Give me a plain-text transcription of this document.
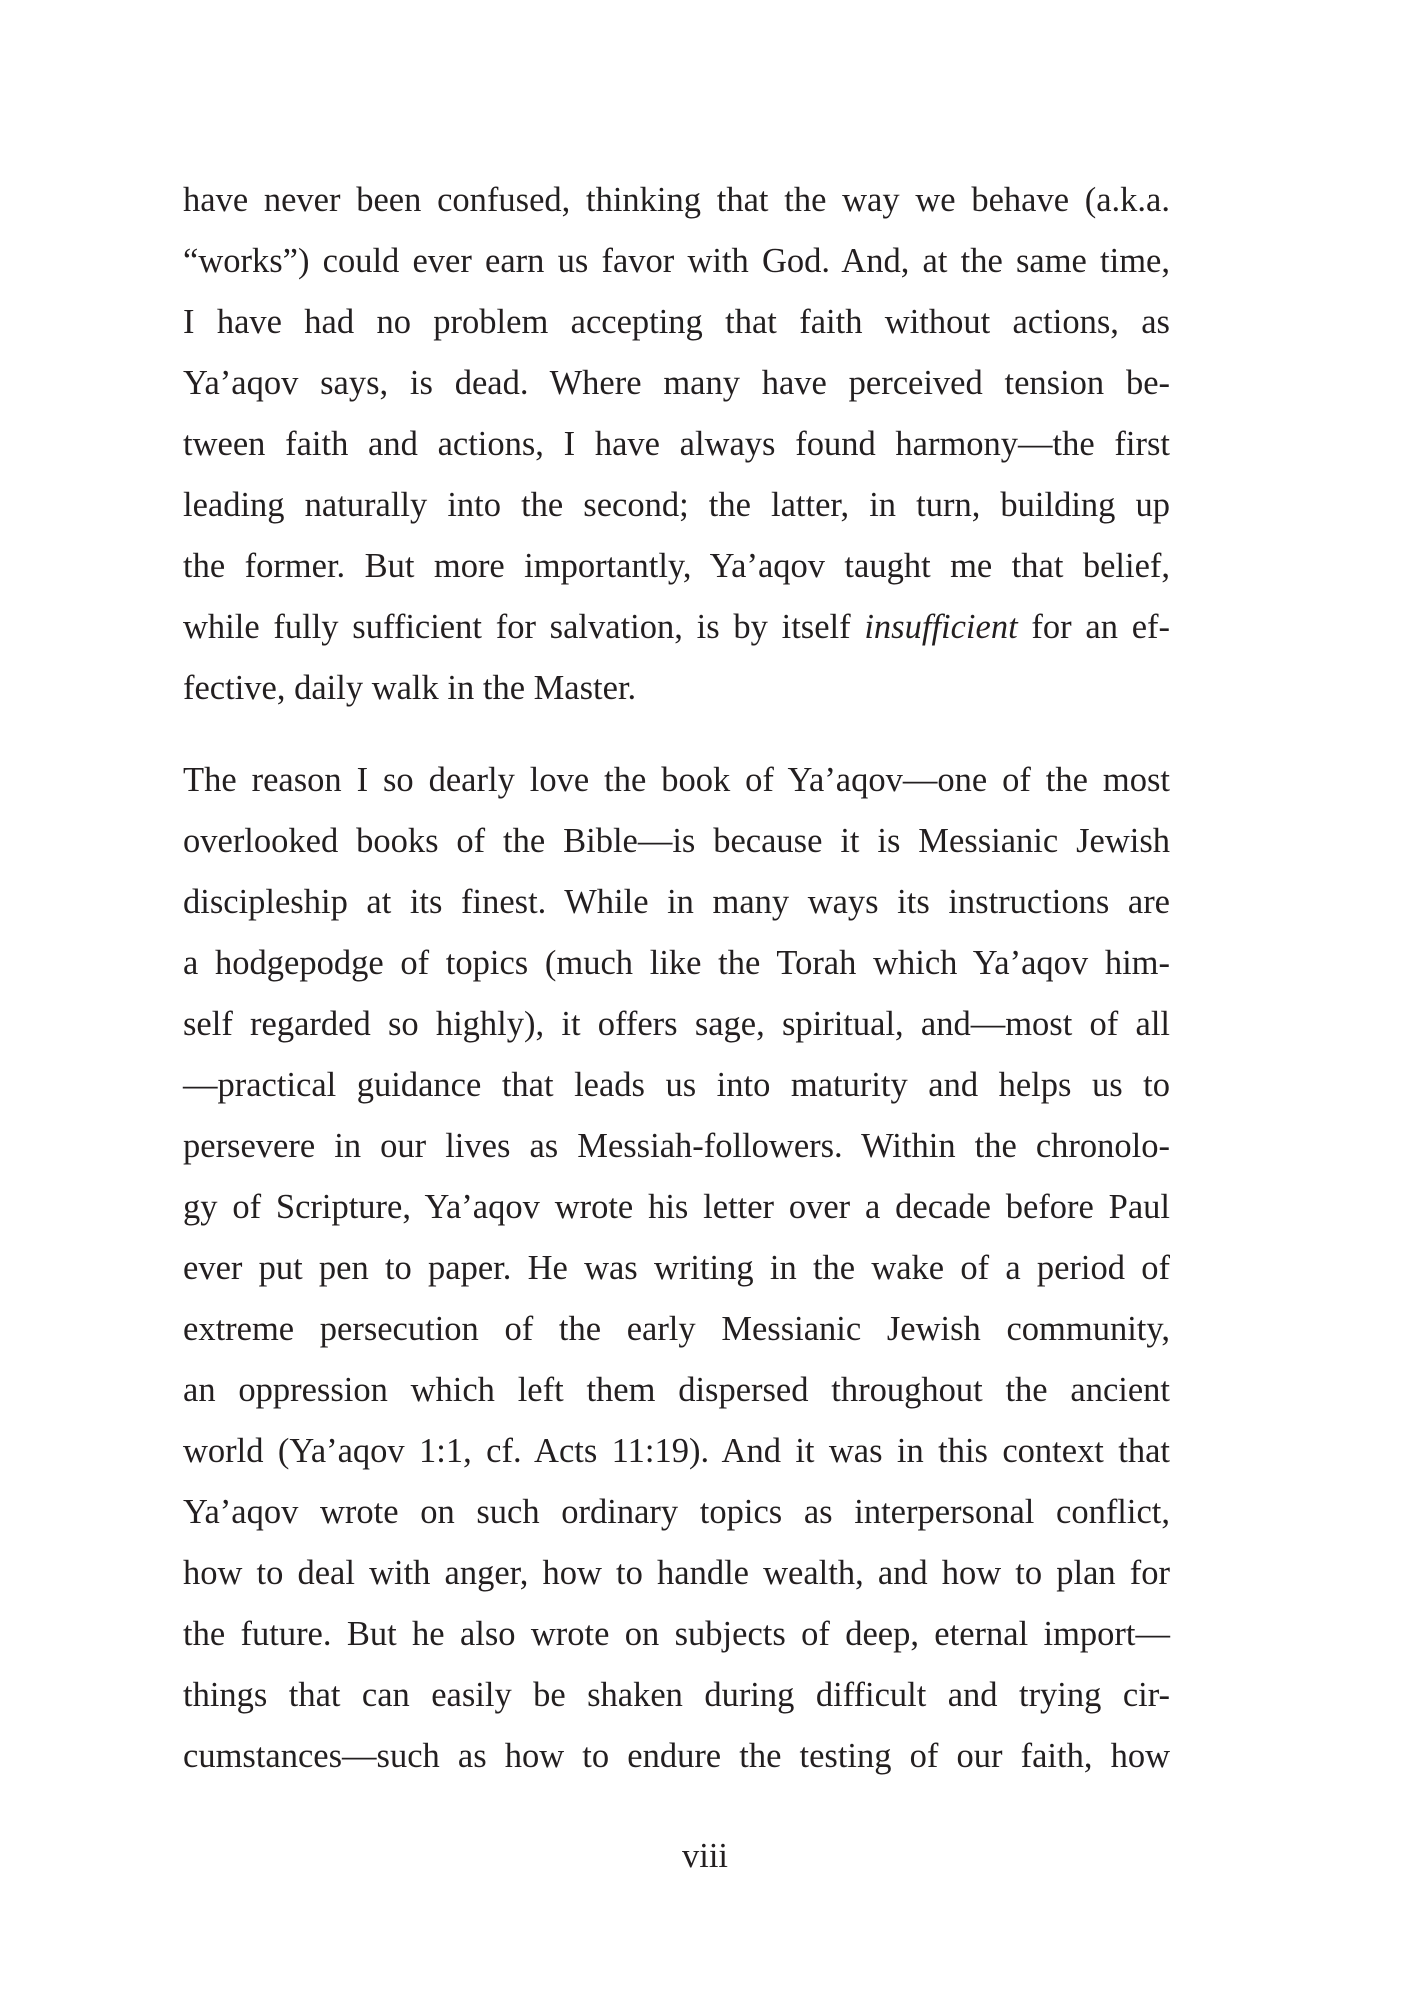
have never been confused, thinking that the way we behave (a.k.a.
“works”) could ever earn us favor with God. And, at the same time,
I have had no problem accepting that faith without actions, as
Ya’aqov says, is dead. Where many have perceived tension be-
tween faith and actions, I have always found harmony—the first
leading naturally into the second; the latter, in turn, building up
the former. But more importantly, Ya’aqov taught me that belief,
while fully sufficient for salvation, is by itself insufficient for an ef-
fective, daily walk in the Master.
The reason I so dearly love the book of Ya’aqov—one of the most
overlooked books of the Bible—is because it is Messianic Jewish
discipleship at its finest. While in many ways its instructions are
a hodgepodge of topics (much like the Torah which Ya’aqov him-
self regarded so highly), it offers sage, spiritual, and—most of all
—practical guidance that leads us into maturity and helps us to
persevere in our lives as Messiah-followers. Within the chronolo-
gy of Scripture, Ya’aqov wrote his letter over a decade before Paul
ever put pen to paper. He was writing in the wake of a period of
extreme persecution of the early Messianic Jewish community,
an oppression which left them dispersed throughout the ancient
world (Ya’aqov 1:1, cf. Acts 11:19). And it was in this context that
Ya’aqov wrote on such ordinary topics as interpersonal conflict,
how to deal with anger, how to handle wealth, and how to plan for
the future. But he also wrote on subjects of deep, eternal import—
things that can easily be shaken during difficult and trying cir-
cumstances—such as how to endure the testing of our faith, how
viii
